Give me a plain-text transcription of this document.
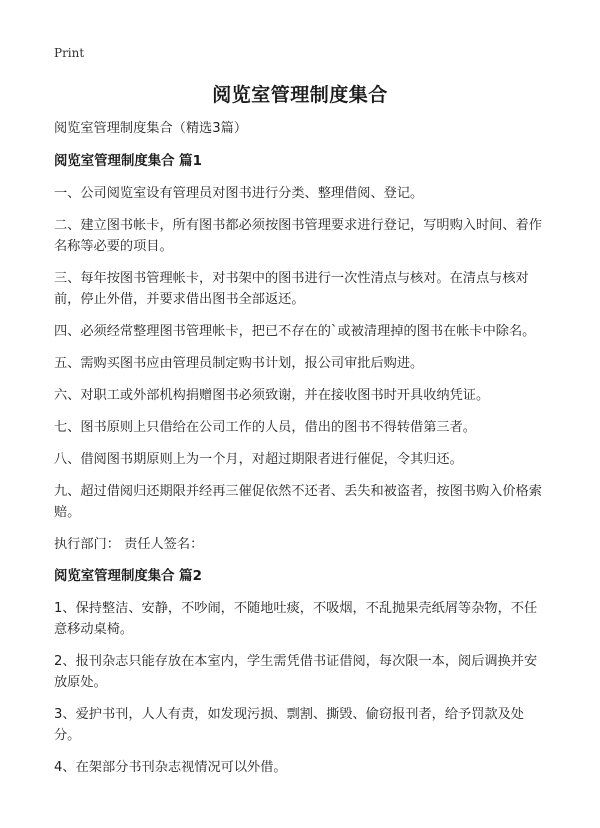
Print
阅览室管理制度集合

阅览室管理制度集合（精选3篇）

阅览室管理制度集合 篇1

一、公司阅览室设有管理员对图书进行分类、整理借阅、登记。

二、建立图书帐卡，所有图书都必须按图书管理要求进行登记，写明购入时间、着作名称等必要的项目。

三、每年按图书管理帐卡，对书架中的图书进行一次性清点与核对。在清点与核对前，停止外借，并要求借出图书全部返还。

四、必须经常整理图书管理帐卡，把已不存在的`或被清理掉的图书在帐卡中除名。

五、需购买图书应由管理员制定购书计划，报公司审批后购进。

六、对职工或外部机构捐赠图书必须致谢，并在接收图书时开具收纳凭证。

七、图书原则上只借给在公司工作的人员，借出的图书不得转借第三者。

八、借阅图书期原则上为一个月，对超过期限者进行催促，令其归还。

九、超过借阅归还期限并经再三催促依然不还者、丢失和被盗者，按图书购入价格索赔。

执行部门： 责任人签名：

阅览室管理制度集合 篇2

1、保持整洁、安静，不吵闹，不随地吐痰，不吸烟，不乱抛果壳纸屑等杂物，不任意移动桌椅。

2、报刊杂志只能存放在本室内，学生需凭借书证借阅，每次限一本，阅后调换并安放原处。

3、爱护书刊，人人有责，如发现污损、剽割、撕毁、偷窃报刊者，给予罚款及处分。

4、在架部分书刊杂志视情况可以外借。
